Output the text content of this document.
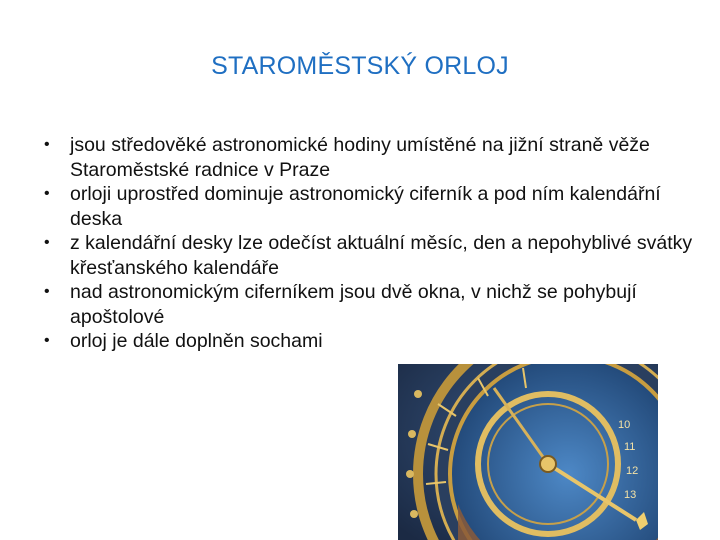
STAROMĚSTSKÝ ORLOJ
• jsou středověké astronomické hodiny umístěné na jižní straně věže Staroměstské radnice v Praze
• orloji uprostřed dominuje astronomický ciferník a pod ním kalendářní deska
• z kalendářní desky lze odečíst aktuální měsíc, den a nepohyblivé svátky křesťanského kalendáře
• nad astronomickým ciferníkem jsou dvě okna, v nichž se pohybují apoštolové
• orloj je dále doplněn sochami
10
11
12
13
